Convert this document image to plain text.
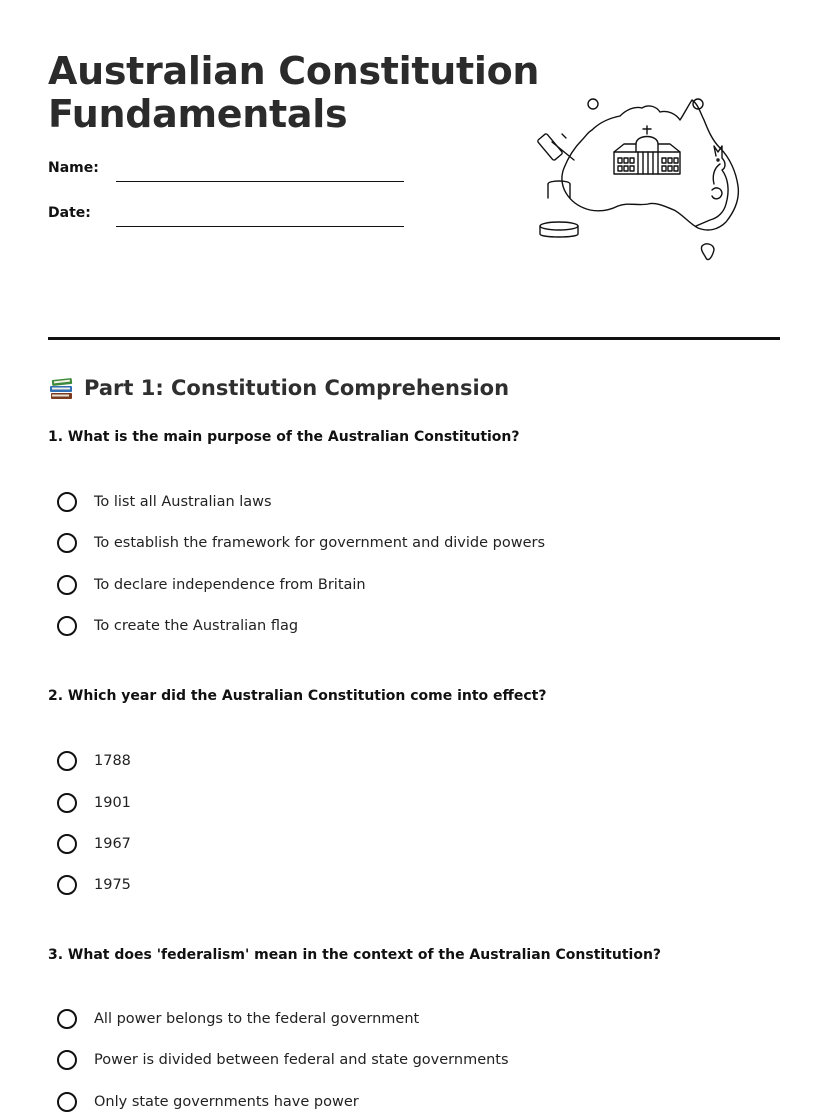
Australian Constitution
Fundamentals
Name:
Date:
Part 1: Constitution Comprehension

1. What is the main purpose of the Australian Constitution?

To list all Australian laws
To establish the framework for government and divide powers
To declare independence from Britain
To create the Australian flag

2. Which year did the Australian Constitution come into effect?

1788
1901
1967
1975

3. What does 'federalism' mean in the context of the Australian Constitution?

All power belongs to the federal government
Power is divided between federal and state governments
Only state governments have power
